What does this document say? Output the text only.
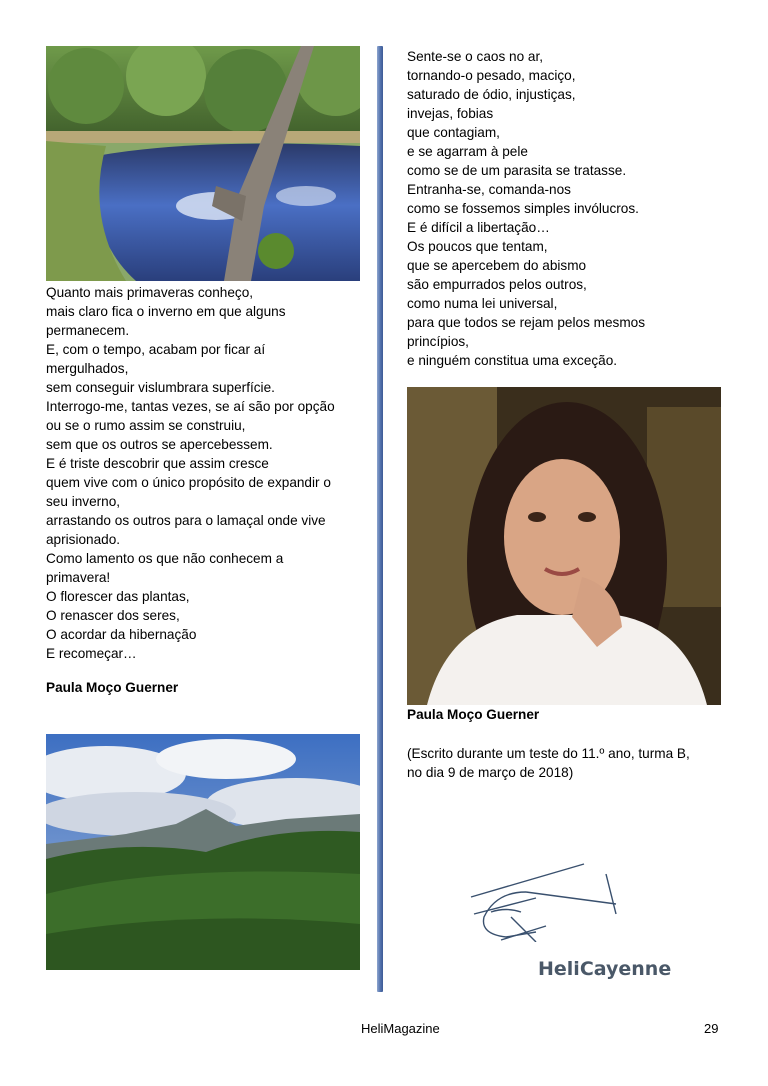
Quanto mais primaveras conheço,
mais claro fica o inverno em que alguns
permanecem.
E, com o tempo, acabam por ficar aí
mergulhados,
sem conseguir vislumbrara superfície.
Interrogo-me, tantas vezes, se aí são por opção
ou se o rumo assim se construiu,
sem que os outros se apercebessem.
E é triste descobrir que assim cresce
quem vive com o único propósito de expandir o
seu inverno,
arrastando os outros para o lamaçal onde vive
aprisionado.
Como lamento os que não conhecem a
primavera!
O florescer das plantas,
O renascer dos seres,
O acordar da hibernação
E recomeçar…
Paula Moço Guerner
Sente-se o caos no ar,
tornando-o pesado, maciço,
saturado de ódio, injustiças,
invejas, fobias
que contagiam,
e se agarram à pele
como se de um parasita se tratasse.
Entranha-se, comanda-nos
como se fossemos simples invólucros.
E é difícil a libertação…
Os poucos que tentam,
que se apercebem do abismo
são empurrados pelos outros,
como numa lei universal,
para que todos se rejam pelos mesmos
princípios,
e ninguém constitua uma exceção.
Paula Moço Guerner
(Escrito durante um teste do 11.º ano, turma B,
no dia 9 de março de 2018)
HeliCayenne
HeliMagazine	29
